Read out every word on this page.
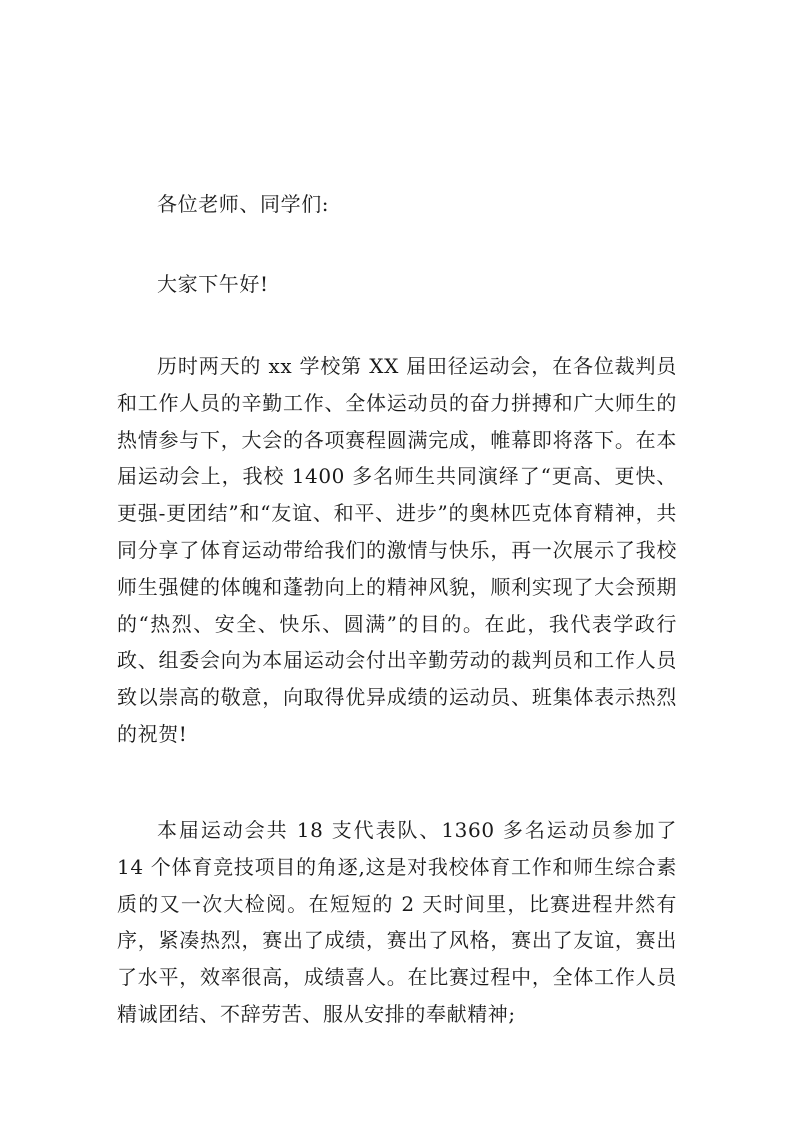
各位老师、同学们:

大家下午好!

历时两天的 xx 学校第 XX 届田径运动会，在各位裁判员和工作人员的辛勤工作、全体运动员的奋力拼搏和广大师生的热情参与下，大会的各项赛程圆满完成，帷幕即将落下。在本届运动会上，我校 1400 多名师生共同演绎了“更高、更快、更强-更团结”和“友谊、和平、进步”的奥林匹克体育精神，共同分享了体育运动带给我们的激情与快乐，再一次展示了我校师生强健的体魄和蓬勃向上的精神风貌，顺利实现了大会预期的“热烈、安全、快乐、圆满”的目的。在此，我代表学政行政、组委会向为本届运动会付出辛勤劳动的裁判员和工作人员致以崇高的敬意，向取得优异成绩的运动员、班集体表示热烈的祝贺!

本届运动会共 18 支代表队、1360 多名运动员参加了 14 个体育竞技项目的角逐,这是对我校体育工作和师生综合素质的又一次大检阅。在短短的 2 天时间里，比赛进程井然有序，紧凑热烈，赛出了成绩，赛出了风格，赛出了友谊，赛出了水平，效率很高，成绩喜人。在比赛过程中，全体工作人员精诚团结、不辞劳苦、服从安排的奉献精神;
